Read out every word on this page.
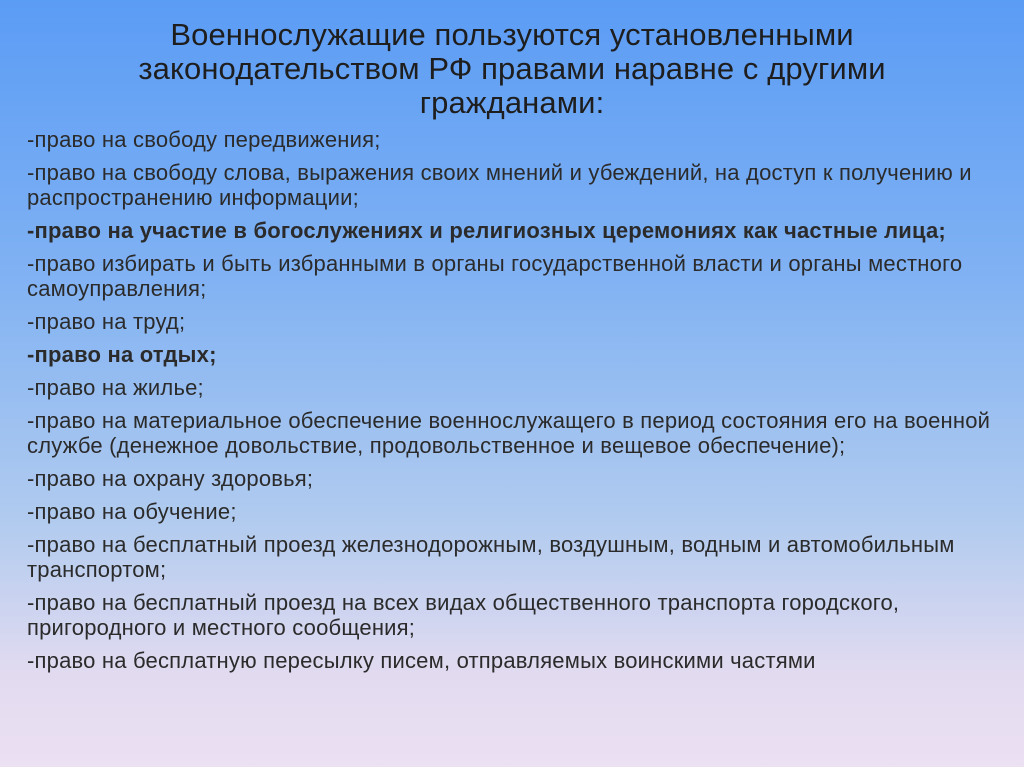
Военнослужащие пользуются установленными законодательством РФ правами наравне с другими гражданами:
-право на свободу передвижения;
-право на свободу слова, выражения своих мнений и убеждений, на доступ к получению и распространению информации;
-право на участие в богослужениях и религиозных церемониях как частные лица;
-право избирать и быть избранными в органы государственной власти и органы местного самоуправления;
-право на труд;
-право на отдых;
-право на жилье;
-право на материальное обеспечение военнослужащего в период состояния его на военной службе (денежное довольствие, продовольственное и вещевое обеспечение);
-право на охрану здоровья;
-право на обучение;
-право на бесплатный проезд железнодорожным, воздушным, водным и автомобильным транспортом;
-право на бесплатный проезд на всех видах общественного транспорта городского, пригородного и местного сообщения;
-право на бесплатную пересылку писем, отправляемых воинскими частями
